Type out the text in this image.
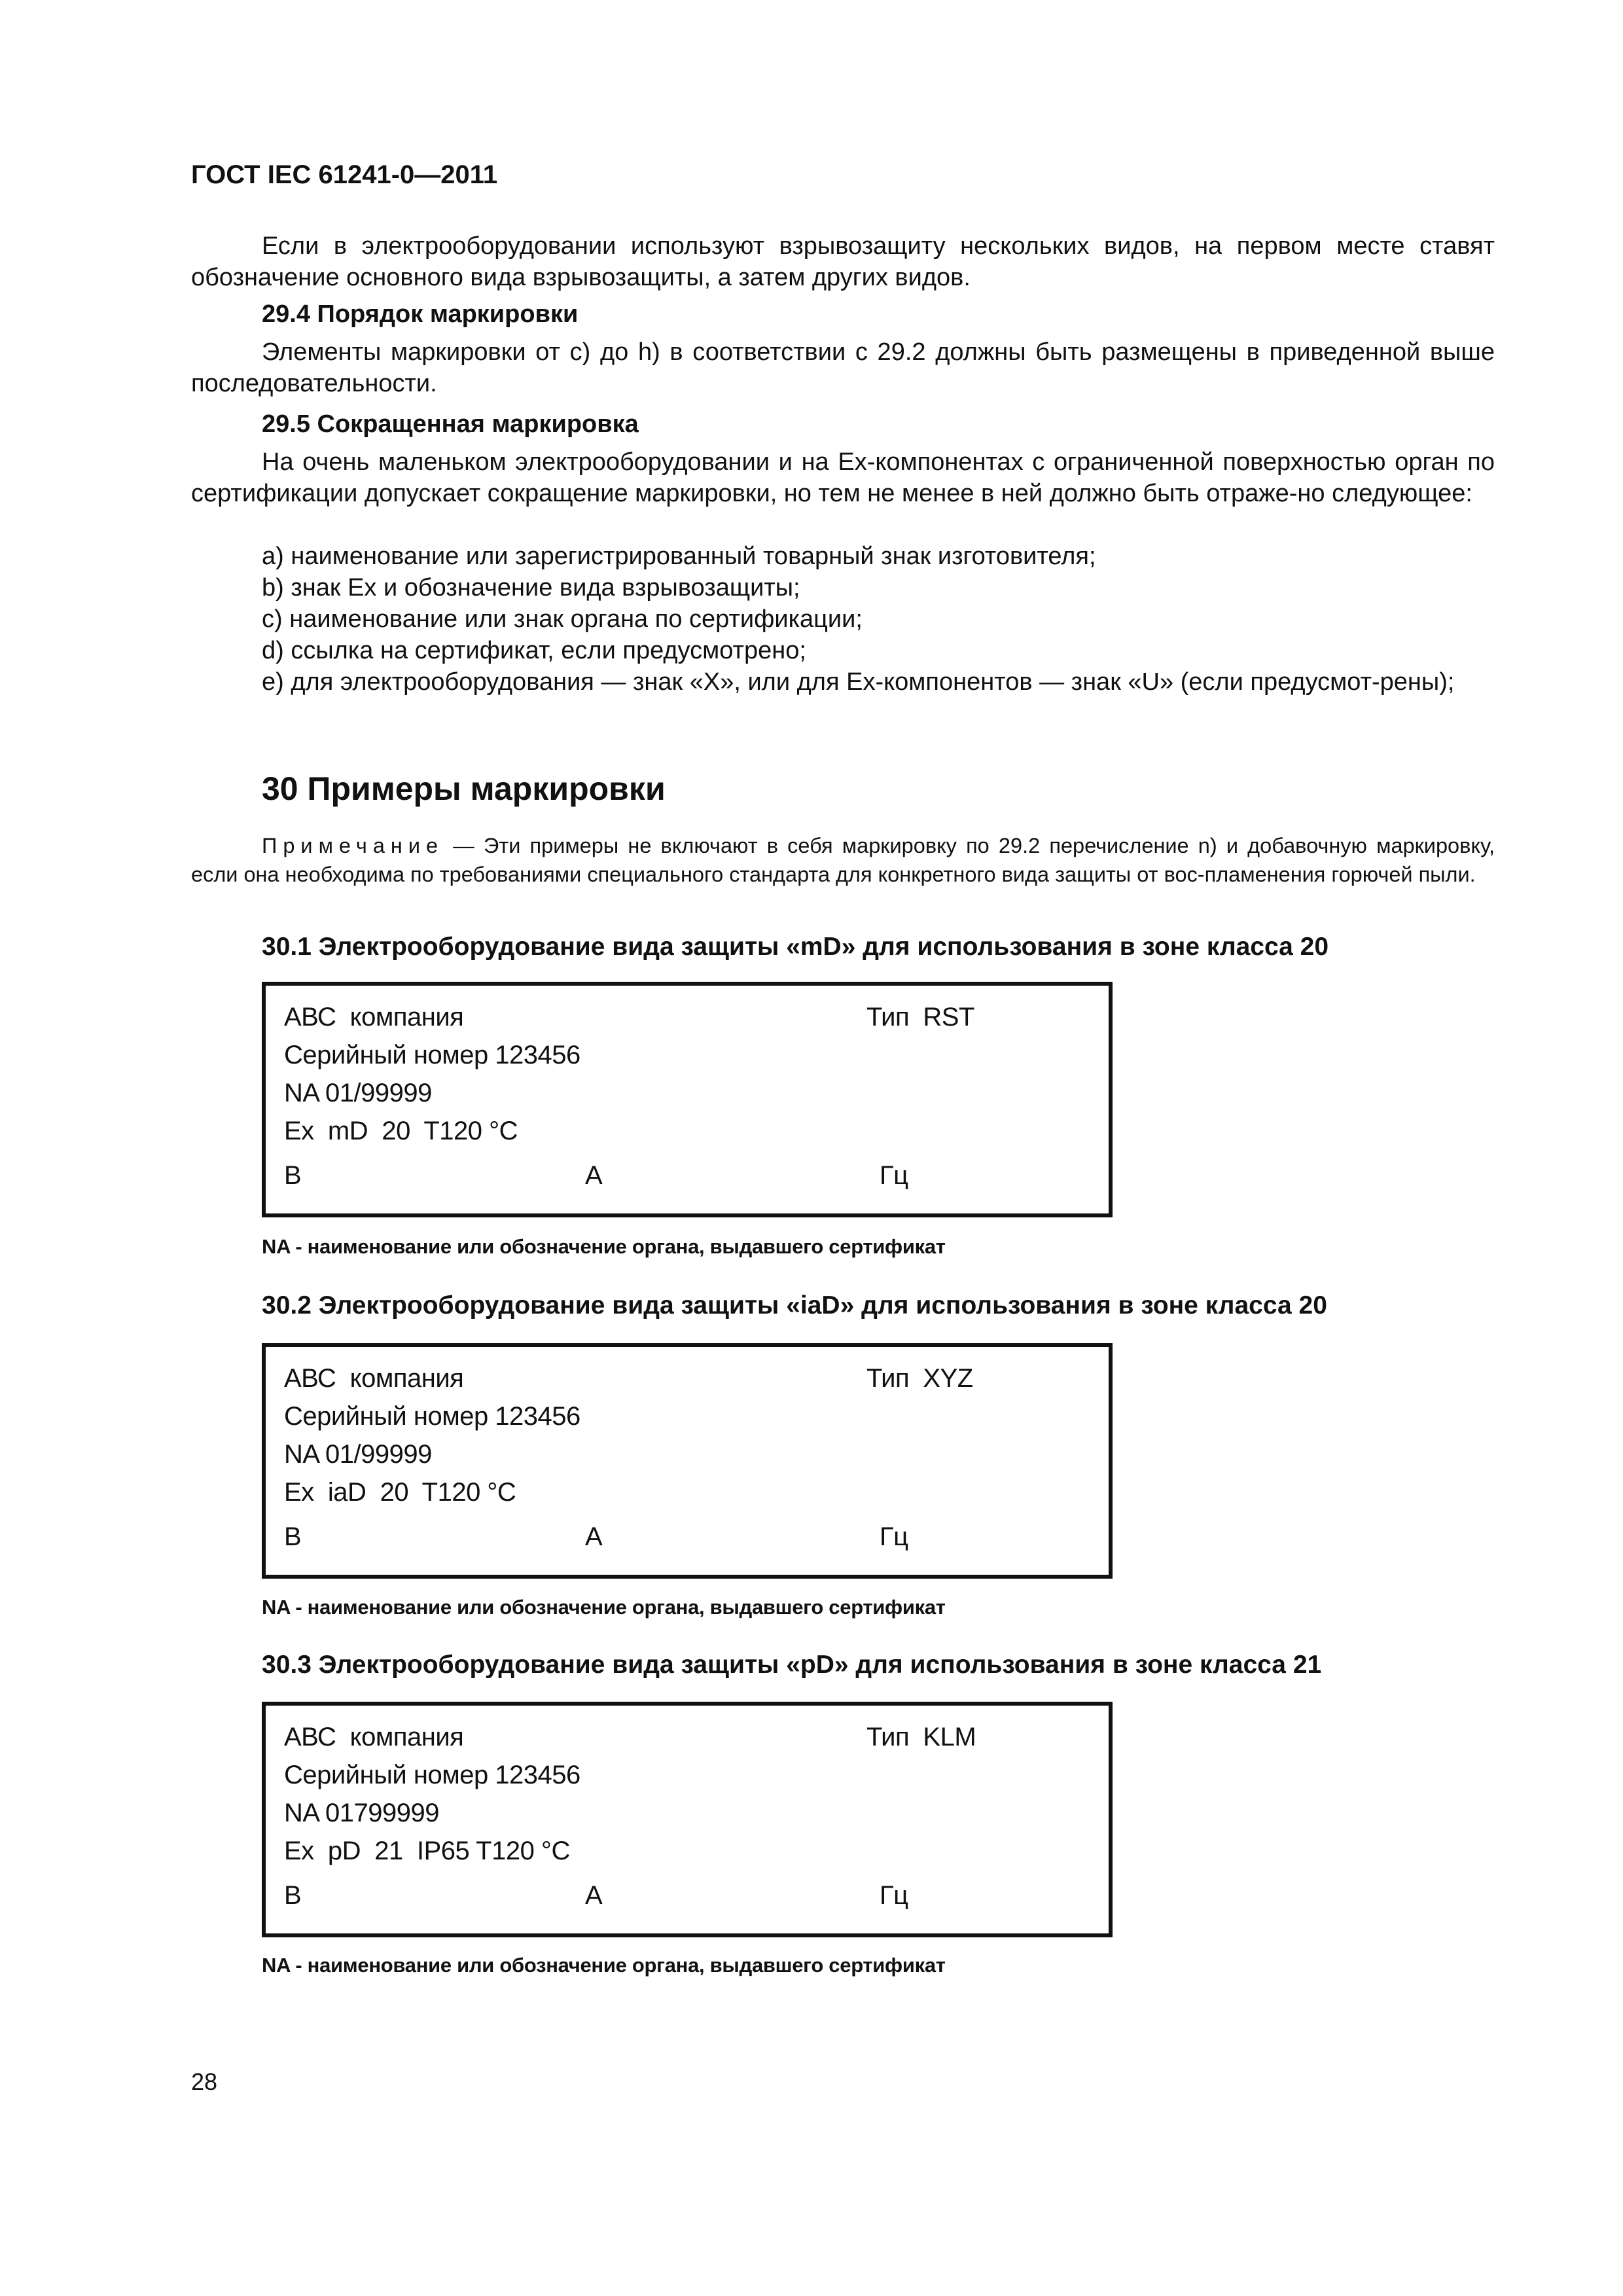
ГОСТ IEC 61241-0—2011
Если в электрооборудовании используют взрывозащиту нескольких видов, на первом месте ставят обозначение основного вида взрывозащиты, а затем других видов.
29.4 Порядок маркировки
Элементы маркировки от с) до h) в соответствии с 29.2 должны быть размещены в приведенной выше последовательности.
29.5 Сокращенная маркировка
На очень маленьком электрооборудовании и на Ex-компонентах с ограниченной поверхностью орган по сертификации допускает сокращение маркировки, но тем не менее в ней должно быть отраже-но следующее:
а) наименование или зарегистрированный товарный знак изготовителя;
b) знак Ex и обозначение вида взрывозащиты;
с) наименование или знак органа по сертификации;
d) ссылка на сертификат, если предусмотрено;
e) для электрооборудования — знак «X», или для Ex-компонентов — знак «U» (если предусмот-рены);
30 Примеры маркировки
Примечание — Эти примеры не включают в себя маркировку по 29.2 перечисление n) и добавочную маркировку, если она необходима по требованиями специального стандарта для конкретного вида защиты от вос-пламенения горючей пыли.
30.1 Электрооборудование вида защиты «mD» для использования в зоне класса 20
АВС  компания	Тип  RST
Серийный номер 123456
NA 01/99999
Ex  mD  20  T120 °C
B	A	Гц
NA - наименование или обозначение органа, выдавшего сертификат
30.2 Электрооборудование вида защиты «iaD» для использования в зоне класса 20
АВС  компания	Тип  XYZ
Серийный номер 123456
NA 01/99999
Ex  iaD  20  T120 °C
B	A	Гц
NA - наименование или обозначение органа, выдавшего сертификат
30.3 Электрооборудование вида защиты «pD» для использования в зоне класса 21
АВС  компания	Тип  KLM
Серийный номер 123456
NA 01799999
Ex  pD  21  IP65 T120 °C
B	A	Гц
NA - наименование или обозначение органа, выдавшего сертификат
28
